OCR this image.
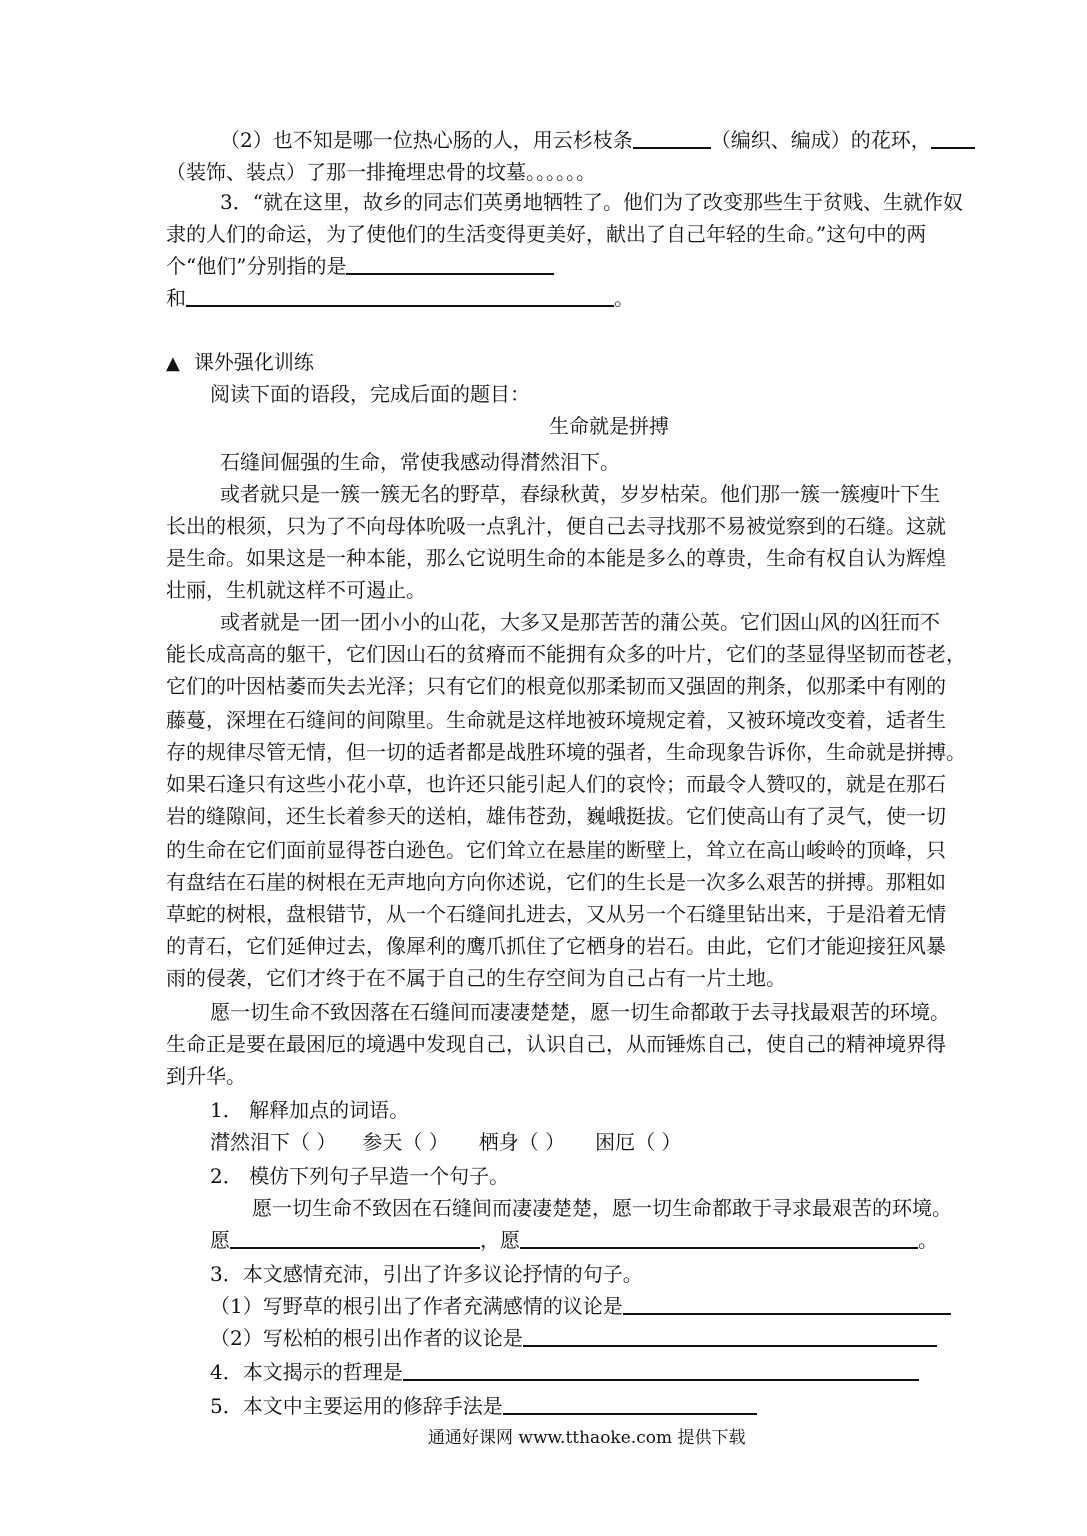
（2）也不知是哪一位热心肠的人，用云杉枝条	（编织、编成）的花环，
（装饰、装点）了那一排掩埋忠骨的坟墓。。。。。。
3．“就在这里，故乡的同志们英勇地牺牲了。他们为了改变那些生于贫贱、生就作奴
隶的人们的命运，为了使他们的生活变得更美好，献出了自己年轻的生命。”这句中的两
个“他们”分别指的是
和	。
▲ 课外强化训练
阅读下面的语段，完成后面的题目：
生命就是拼搏
石缝间倔强的生命，常使我感动得潸然泪下。
或者就只是一簇一簇无名的野草，春绿秋黄，岁岁枯荣。他们那一簇一簇瘦叶下生
长出的根须，只为了不向母体吮吸一点乳汁，便自己去寻找那不易被觉察到的石缝。这就
是生命。如果这是一种本能，那么它说明生命的本能是多么的尊贵，生命有权自认为辉煌
壮丽，生机就这样不可遏止。
或者就是一团一团小小的山花，大多又是那苦苦的蒲公英。它们因山风的凶狂而不
能长成高高的躯干，它们因山石的贫瘠而不能拥有众多的叶片，它们的茎显得坚韧而苍老，
它们的叶因枯萎而失去光泽；只有它们的根竟似那柔韧而又强固的荆条，似那柔中有刚的
藤蔓，深埋在石缝间的间隙里。生命就是这样地被环境规定着，又被环境改变着，适者生
存的规律尽管无情，但一切的适者都是战胜环境的强者，生命现象告诉你，生命就是拼搏。
如果石逢只有这些小花小草，也许还只能引起人们的哀怜；而最令人赞叹的，就是在那石
岩的缝隙间，还生长着参天的送柏，雄伟苍劲，巍峨挺拔。它们使高山有了灵气，使一切
的生命在它们面前显得苍白逊色。它们耸立在悬崖的断壁上，耸立在高山峻岭的顶峰，只
有盘结在石崖的树根在无声地向方向你述说，它们的生长是一次多么艰苦的拼搏。那粗如
草蛇的树根，盘根错节，从一个石缝间扎进去，又从另一个石缝里钻出来，于是沿着无情
的青石，它们延伸过去，像犀利的鹰爪抓住了它栖身的岩石。由此，它们才能迎接狂风暴
雨的侵袭，它们才终于在不属于自己的生存空间为自己占有一片土地。
愿一切生命不致因落在石缝间而凄凄楚楚，愿一切生命都敢于去寻找最艰苦的环境。
生命正是要在最困厄的境遇中发现自己，认识自己，从而锤炼自己，使自己的精神境界得
到升华。
1． 解释加点的词语。
潸然泪下（ ） 参天（ ） 栖身（ ） 困厄（ ）
2． 模仿下列句子早造一个句子。
愿一切生命不致因在石缝间而凄凄楚楚，愿一切生命都敢于寻求最艰苦的环境。
愿	，愿	。
3．本文感情充沛，引出了许多议论抒情的句子。
（1）写野草的根引出了作者充满感情的议论是
（2）写松柏的根引出作者的议论是
4．本文揭示的哲理是
5．本文中主要运用的修辞手法是
通通好课网 www.tthaoke.com 提供下载
